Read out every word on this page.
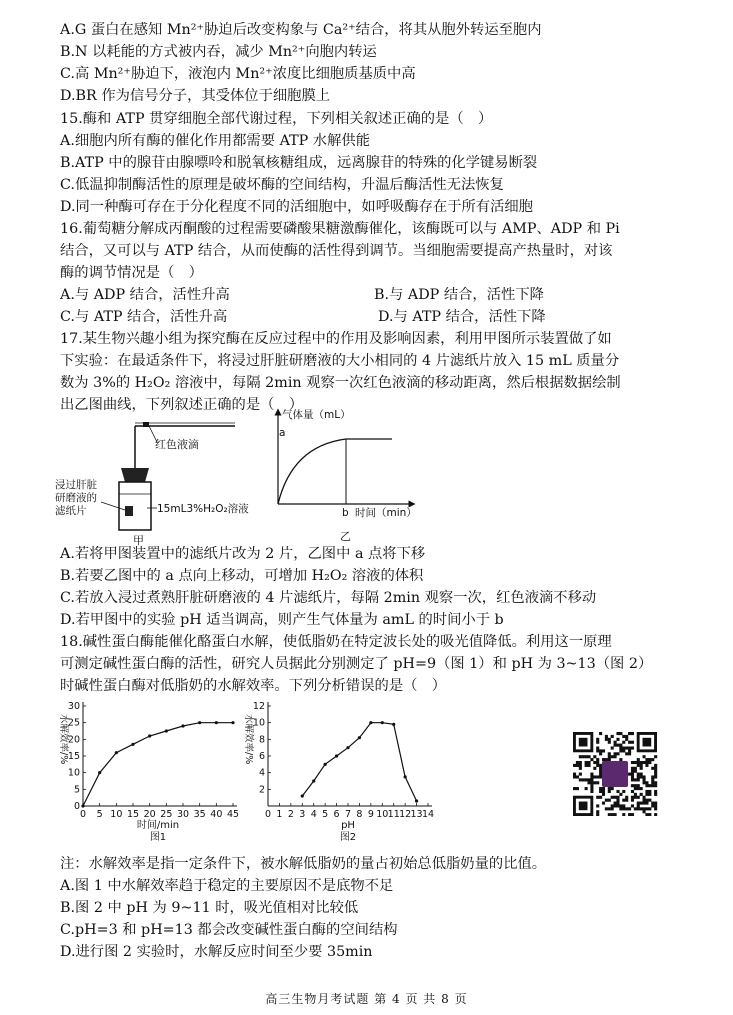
A.G 蛋白在感知 Mn²⁺胁迫后改变构象与 Ca²⁺结合，将其从胞外转运至胞内
B.N 以耗能的方式被内吞，减少 Mn²⁺向胞内转运
C.高 Mn²⁺胁迫下，液泡内 Mn²⁺浓度比细胞质基质中高
D.BR 作为信号分子，其受体位于细胞膜上
15.酶和 ATP 贯穿细胞全部代谢过程，下列相关叙述正确的是（　）
A.细胞内所有酶的催化作用都需要 ATP 水解供能
B.ATP 中的腺苷由腺嘌呤和脱氧核糖组成，远离腺苷的特殊的化学键易断裂
C.低温抑制酶活性的原理是破坏酶的空间结构，升温后酶活性无法恢复
D.同一种酶可存在于分化程度不同的活细胞中，如呼吸酶存在于所有活细胞
16.葡萄糖分解成丙酮酸的过程需要磷酸果糖激酶催化，该酶既可以与 AMP、ADP 和 Pi
结合，又可以与 ATP 结合，从而使酶的活性得到调节。当细胞需要提高产热量时，对该
酶的调节情况是（　）
A.与 ADP 结合，活性升高	B.与 ADP 结合，活性下降
C.与 ATP 结合，活性升高	D.与 ATP 结合，活性下降
17.某生物兴趣小组为探究酶在反应过程中的作用及影响因素，利用甲图所示装置做了如
下实验：在最适条件下，将浸过肝脏研磨液的大小相同的 4 片滤纸片放入 15 mL 质量分
数为 3%的 H₂O₂ 溶液中，每隔 2min 观察一次红色液滴的移动距离，然后根据数据绘制
出乙图曲线，下列叙述正确的是（　）
红色液滴
浸过肝脏
研磨液的
滤纸片	15mL3%H₂O₂溶液
甲
气体量（mL）
时间（min）
a
b
乙
A.若将甲图装置中的滤纸片改为 2 片，乙图中 a 点将下移
B.若要乙图中的 a 点向上移动，可增加 H₂O₂ 溶液的体积
C.若放入浸过煮熟肝脏研磨液的 4 片滤纸片，每隔 2min 观察一次，红色液滴不移动
D.若甲图中的实验 pH 适当调高，则产生气体量为 amL 的时间小于 b
18.碱性蛋白酶能催化酪蛋白水解，使低脂奶在特定波长处的吸光值降低。利用这一原理
可测定碱性蛋白酶的活性，研究人员据此分别测定了 pH=9（图 1）和 pH 为 3~13（图 2）
时碱性蛋白酶对低脂奶的水解效率。下列分析错误的是（　）
0 5 10 15 20 25 30 35 40 45
0
5
10
15
20
25
30
水解效率/%
时间/min
图1
0 1 2 3 4 5 6 7 8 9 10 11 12 13 14
2
4
6
8
10
12
水解效率/%
pH
图2
注：水解效率是指一定条件下，被水解低脂奶的量占初始总低脂奶量的比值。
A.图 1 中水解效率趋于稳定的主要原因不是底物不足
B.图 2 中 pH 为 9~11 时，吸光值相对比较低
C.pH=3 和 pH=13 都会改变碱性蛋白酶的空间结构
D.进行图 2 实验时，水解反应时间至少要 35min
高三生物月考试题 第 4 页 共 8 页
